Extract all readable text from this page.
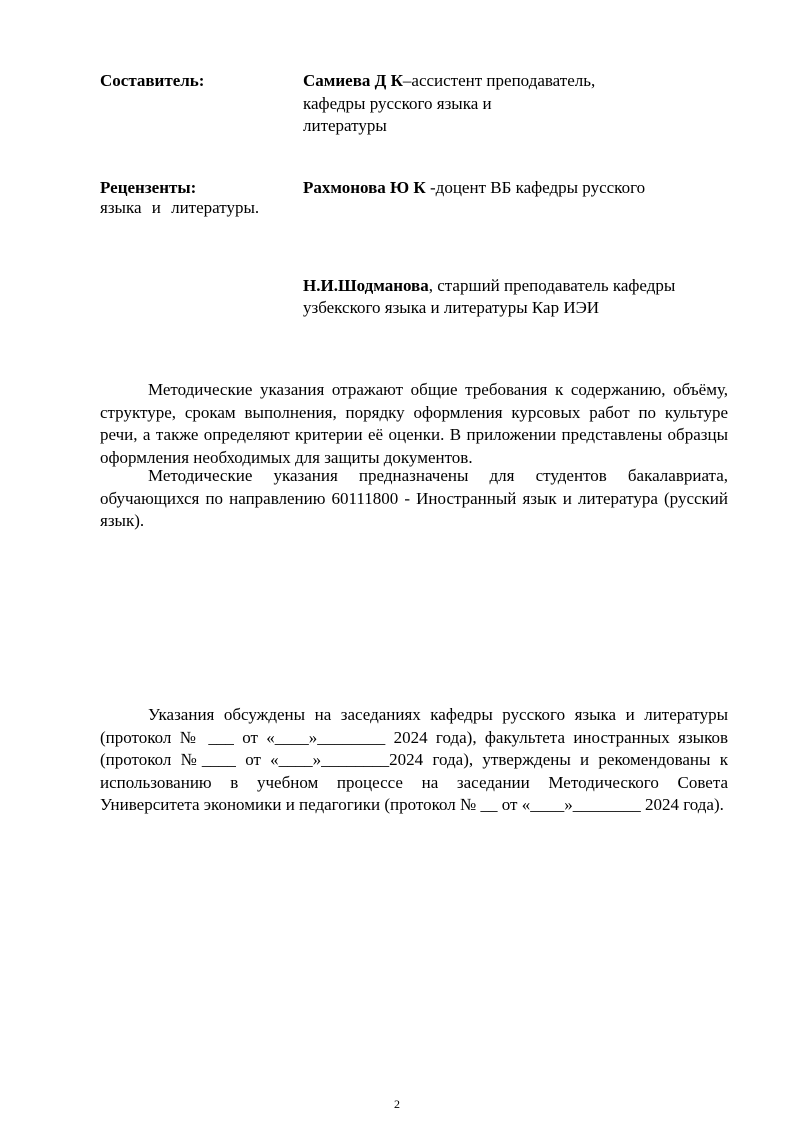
Составитель:	Самиева Д К–ассистент преподаватель,
кафедры русского языка и
литературы
Рецензенты:	Рахмонова Ю К -доцент ВБ кафедры русского
языка и литературы.
Н.И.Шодманова, старший преподаватель кафедры
узбекского языка и литературы Кар ИЭИ
Методические указания отражают общие требования к содержанию, объёму, структуре, срокам выполнения, порядку оформления курсовых работ по культуре речи, а также определяют критерии её оценки. В приложении представлены образцы оформления необходимых для защиты документов.
Методические указания предназначены для студентов бакалавриата, обучающихся по направлению 60111800 - Иностранный язык и литература (русский язык).
Указания обсуждены на заседаниях кафедры русского языка и литературы (протокол № ___ от «____»________ 2024 года), факультета иностранных языков (протокол №____ от «____»________2024 года), утверждены и рекомендованы к использованию в учебном процессе на заседании Методического Совета Университета экономики и педагогики (протокол № __ от «____»________ 2024 года).
2
